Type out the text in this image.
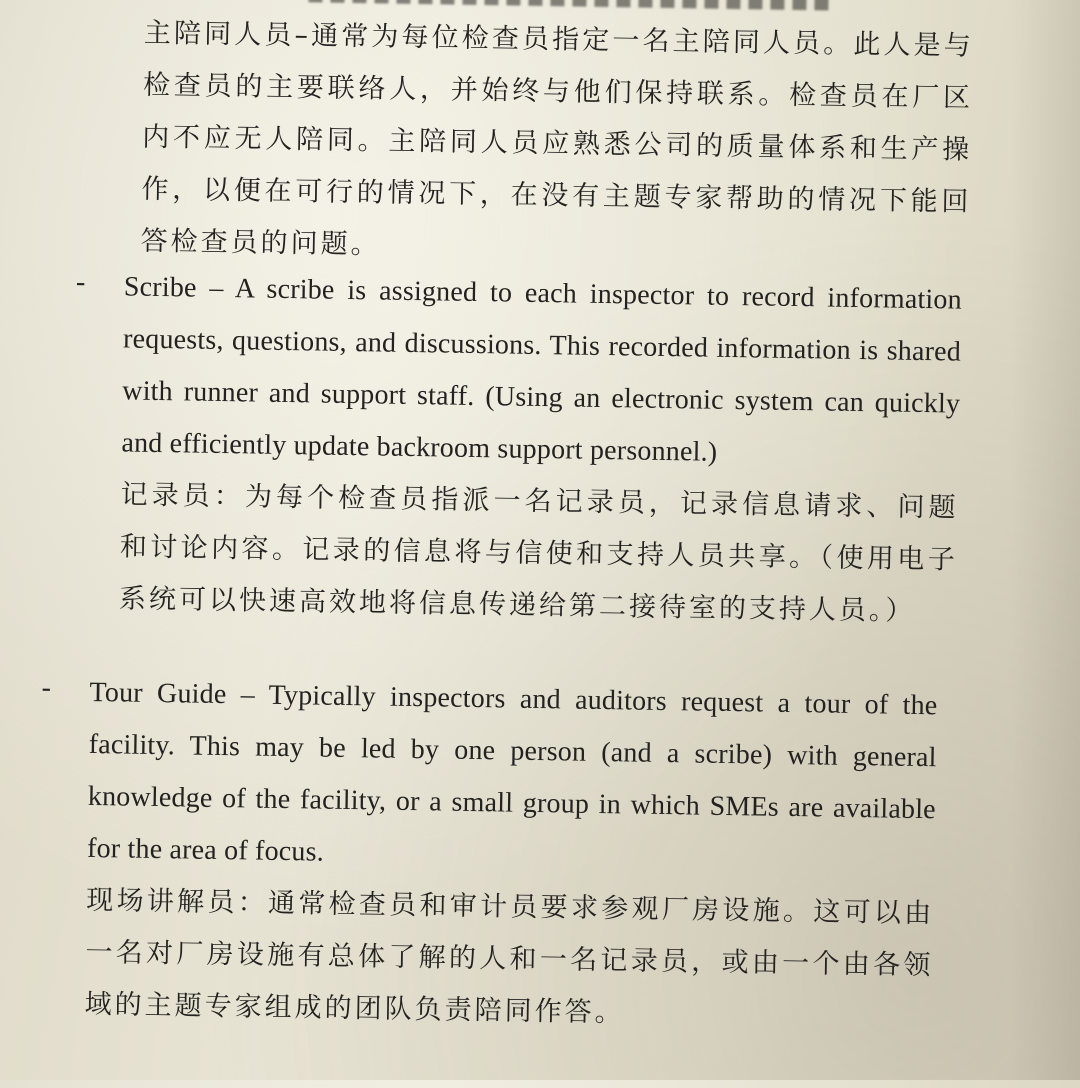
主陪同人员–通常为每位检查员指定一名主陪同人员。此人是与检查员的主要联络人，并始终与他们保持联系。检查员在厂区内不应无人陪同。主陪同人员应熟悉公司的质量体系和生产操作，以便在可行的情况下，在没有主题专家帮助的情况下能回答检查员的问题。

- Scribe – A scribe is assigned to each inspector to record information requests, questions, and discussions. This recorded information is shared with runner and support staff. (Using an electronic system can quickly and efficiently update backroom support personnel.)

记录员：为每个检查员指派一名记录员，记录信息请求、问题和讨论内容。记录的信息将与信使和支持人员共享。（使用电子系统可以快速高效地将信息传递给第二接待室的支持人员。）

- Tour Guide – Typically inspectors and auditors request a tour of the facility. This may be led by one person (and a scribe) with general knowledge of the facility, or a small group in which SMEs are available for the area of focus.

现场讲解员：通常检查员和审计员要求参观厂房设施。这可以由一名对厂房设施有总体了解的人和一名记录员，或由一个由各领域的主题专家组成的团队负责陪同作答。
